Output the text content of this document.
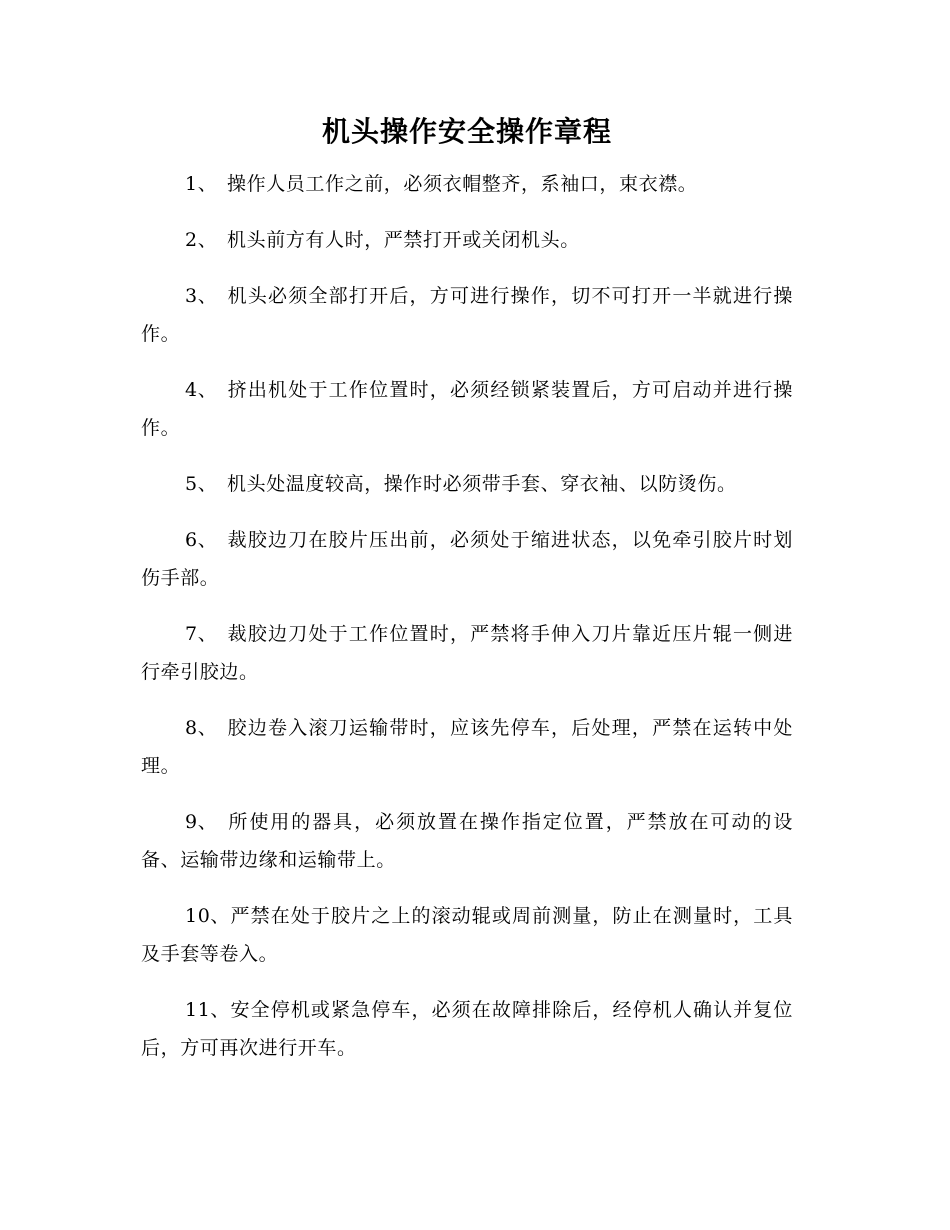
机头操作安全操作章程

1、 操作人员工作之前，必须衣帽整齐，系袖口，束衣襟。

2、 机头前方有人时，严禁打开或关闭机头。

3、 机头必须全部打开后，方可进行操作，切不可打开一半就进行操作。

4、 挤出机处于工作位置时，必须经锁紧装置后，方可启动并进行操作。

5、 机头处温度较高，操作时必须带手套、穿衣袖、以防烫伤。

6、 裁胶边刀在胶片压出前，必须处于缩进状态，以免牵引胶片时划伤手部。

7、 裁胶边刀处于工作位置时，严禁将手伸入刀片靠近压片辊一侧进行牵引胶边。

8、 胶边卷入滚刀运输带时，应该先停车，后处理，严禁在运转中处理。

9、 所使用的器具，必须放置在操作指定位置，严禁放在可动的设备、运输带边缘和运输带上。

10、严禁在处于胶片之上的滚动辊或周前测量，防止在测量时，工具及手套等卷入。

11、安全停机或紧急停车，必须在故障排除后，经停机人确认并复位后，方可再次进行开车。
